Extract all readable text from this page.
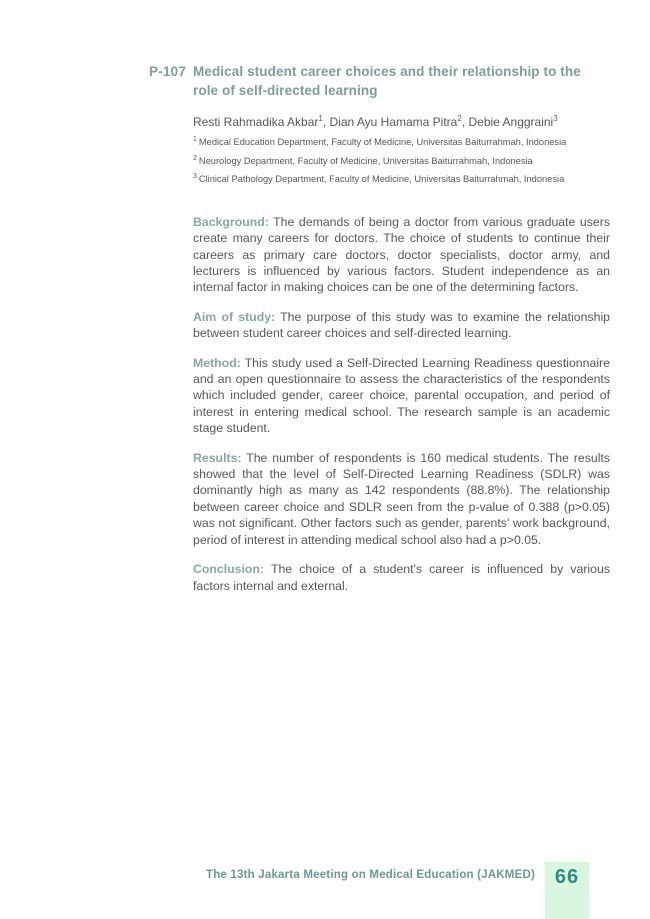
P-107 Medical student career choices and their relationship to the role of self-directed learning
Resti Rahmadika Akbar$^1$, Dian Ayu Hamama Pitra$^2$, Debie Anggraini$^3$
$^1$ Medical Education Department, Faculty of Medicine, Universitas Baiturrahmah, Indonesia
$^2$ Neurology Department, Faculty of Medicine, Universitas Baiturrahmah, Indonesia
$^3$ Clinical Pathology Department, Faculty of Medicine, Universitas Baiturrahmah, Indonesia

Background: The demands of being a doctor from various graduate users create many careers for doctors. The choice of students to continue their careers as primary care doctors, doctor specialists, doctor army, and lecturers is influenced by various factors. Student independence as an internal factor in making choices can be one of the determining factors.

Aim of study: The purpose of this study was to examine the relationship between student career choices and self-directed learning.

Method: This study used a Self-Directed Learning Readiness questionnaire and an open questionnaire to assess the characteristics of the respondents which included gender, career choice, parental occupation, and period of interest in entering medical school. The research sample is an academic stage student.

Results: The number of respondents is 160 medical students. The results showed that the level of Self-Directed Learning Readiness (SDLR) was dominantly high as many as 142 respondents (88.8%). The relationship between career choice and SDLR seen from the p-value of 0.388 (p>0.05) was not significant. Other factors such as gender, parents' work background, period of interest in attending medical school also had a p>0.05.

Conclusion: The choice of a student's career is influenced by various factors internal and external.

The 13th Jakarta Meeting on Medical Education (JAKMED) 66
